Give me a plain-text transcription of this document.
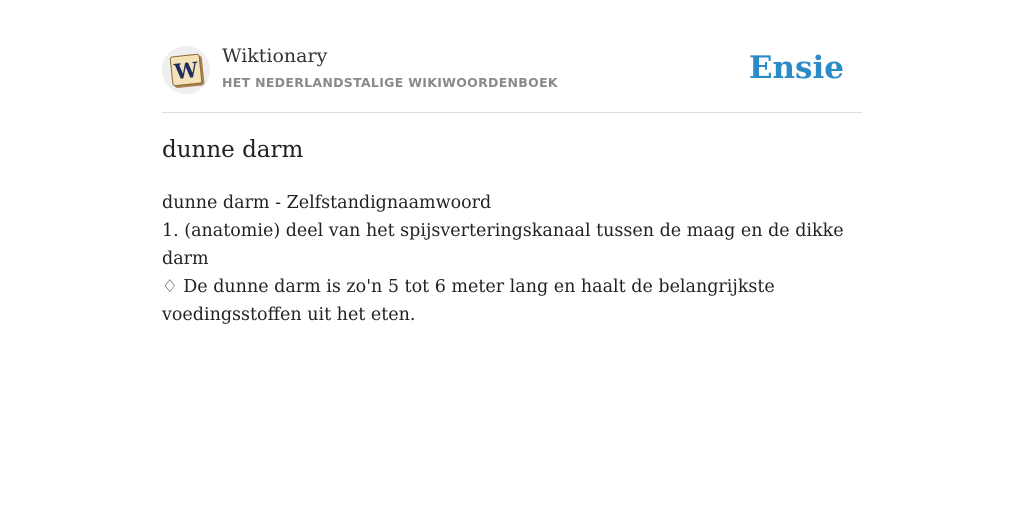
W
Wiktionary
HET NEDERLANDSTALIGE WIKIWOORDENBOEK	Ensie
dunne darm

dunne darm - Zelfstandignaamwoord

1. (anatomie) deel van het spijsverteringskanaal tussen de maag en de dikke darm

♢ De dunne darm is zo'n 5 tot 6 meter lang en haalt de belangrijkste voedingsstoffen uit het eten.
